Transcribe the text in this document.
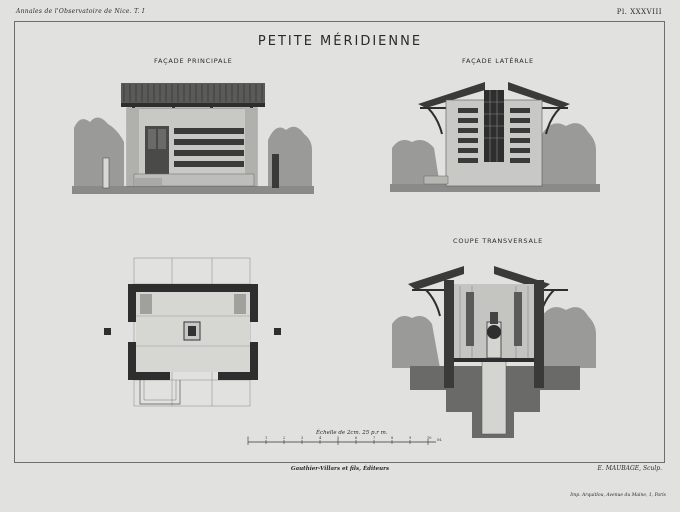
Annales de l'Observatoire de Nice. T. I	Pl. XXXVIII
PETITE MÉRIDIENNE
FAÇADE PRINCIPALE	FAÇADE LATÉRALE
COUPE TRANSVERSALE
Échelle de 2cm. 25 p.r m.
M.
0	1	2	3	4	5	6	7	8	9	10
Gauthier-Villars et fils, Éditeurs	E. MAUBAGE, Sculp.
Imp. Arquitlou, Avenue du Maine, 1, Paris
